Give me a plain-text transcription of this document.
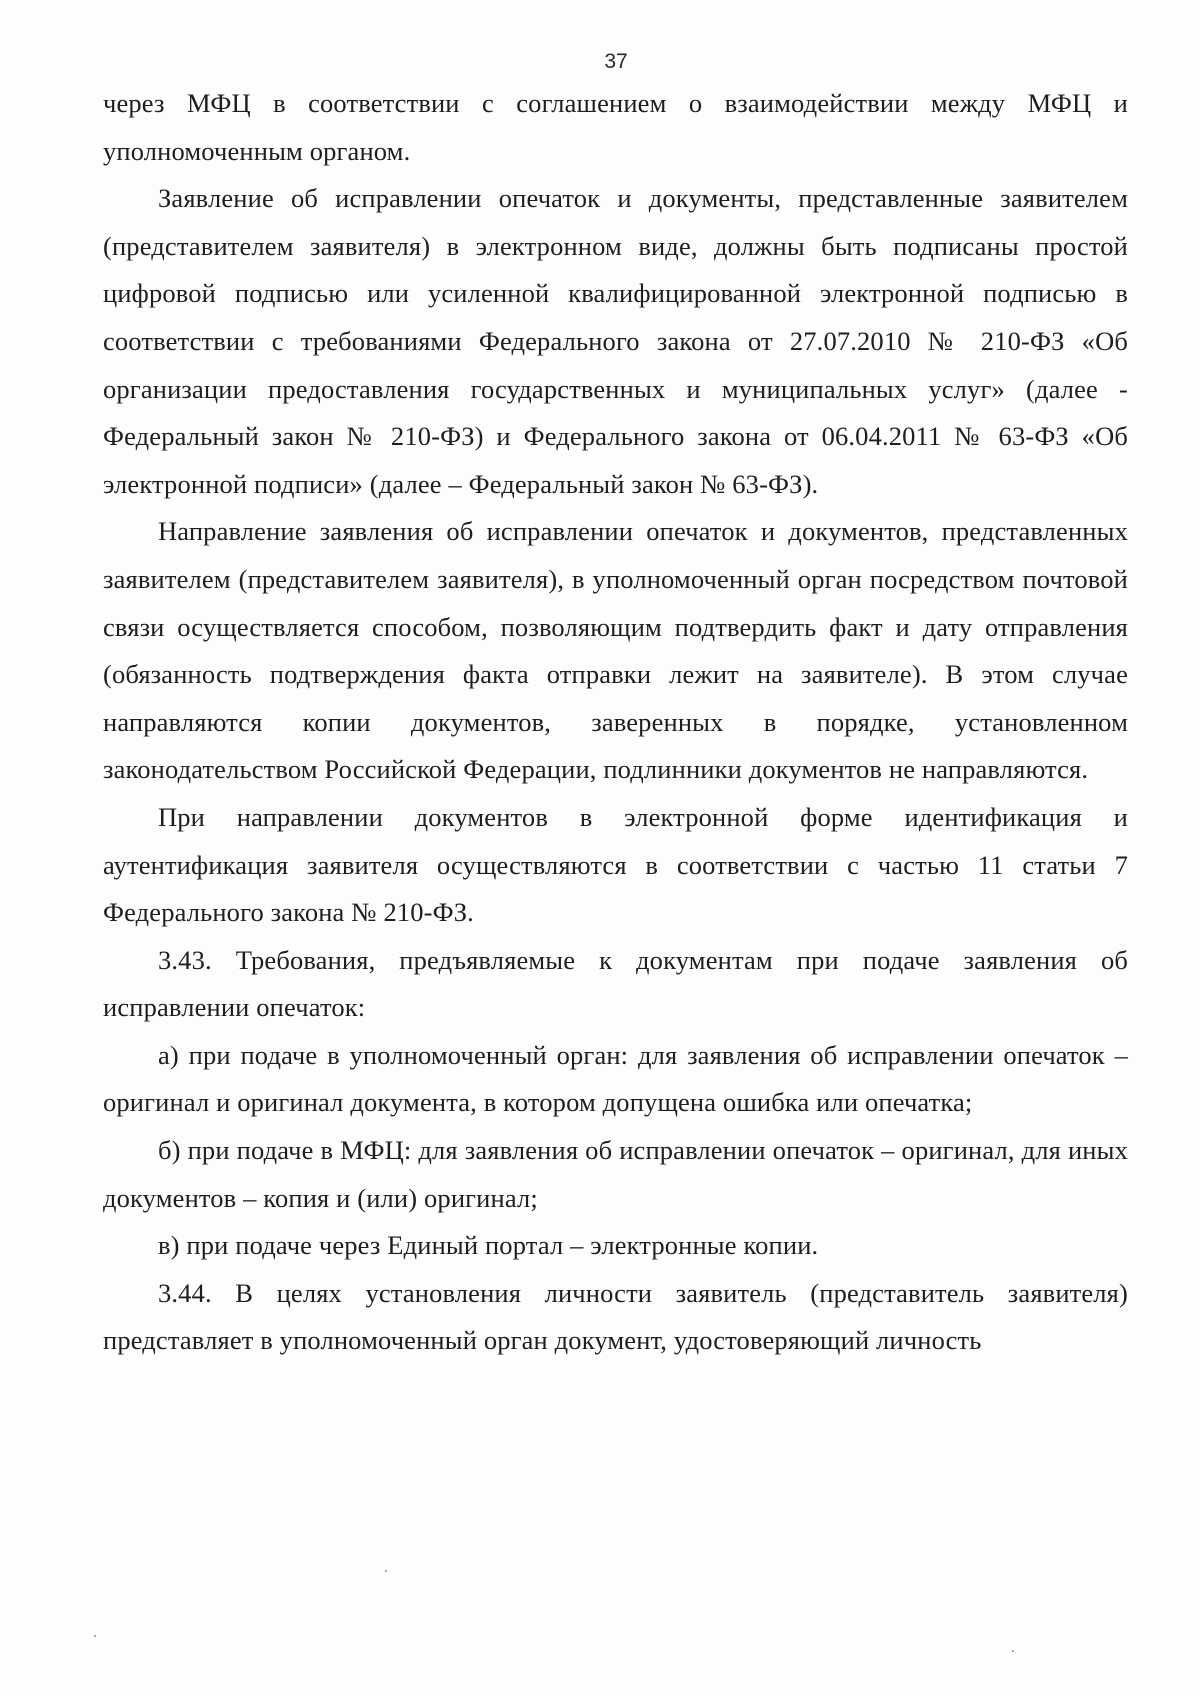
37

через МФЦ в соответствии с соглашением о взаимодействии между МФЦ и уполномоченным органом.

Заявление об исправлении опечаток и документы, представленные заявителем (представителем заявителя) в электронном виде, должны быть подписаны простой цифровой подписью или усиленной квалифицированной электронной подписью в соответствии с требованиями Федерального закона от 27.07.2010 № 210-ФЗ «Об организации предоставления государственных и муниципальных услуг» (далее - Федеральный закон № 210-ФЗ) и Федерального закона от 06.04.2011 № 63-ФЗ «Об электронной подписи» (далее – Федеральный закон № 63-ФЗ).

Направление заявления об исправлении опечаток и документов, представленных заявителем (представителем заявителя), в уполномоченный орган посредством почтовой связи осуществляется способом, позволяющим подтвердить факт и дату отправления (обязанность подтверждения факта отправки лежит на заявителе). В этом случае направляются копии документов, заверенных в порядке, установленном законодательством Российской Федерации, подлинники документов не направляются.

При направлении документов в электронной форме идентификация и аутентификация заявителя осуществляются в соответствии с частью 11 статьи 7 Федерального закона № 210-ФЗ.

3.43. Требования, предъявляемые к документам при подаче заявления об исправлении опечаток:

а) при подаче в уполномоченный орган: для заявления об исправлении опечаток – оригинал и оригинал документа, в котором допущена ошибка или опечатка;

б) при подаче в МФЦ: для заявления об исправлении опечаток – оригинал, для иных документов – копия и (или) оригинал;

в) при подаче через Единый портал – электронные копии.

3.44. В целях установления личности заявитель (представитель заявителя) представляет в уполномоченный орган документ, удостоверяющий личность
